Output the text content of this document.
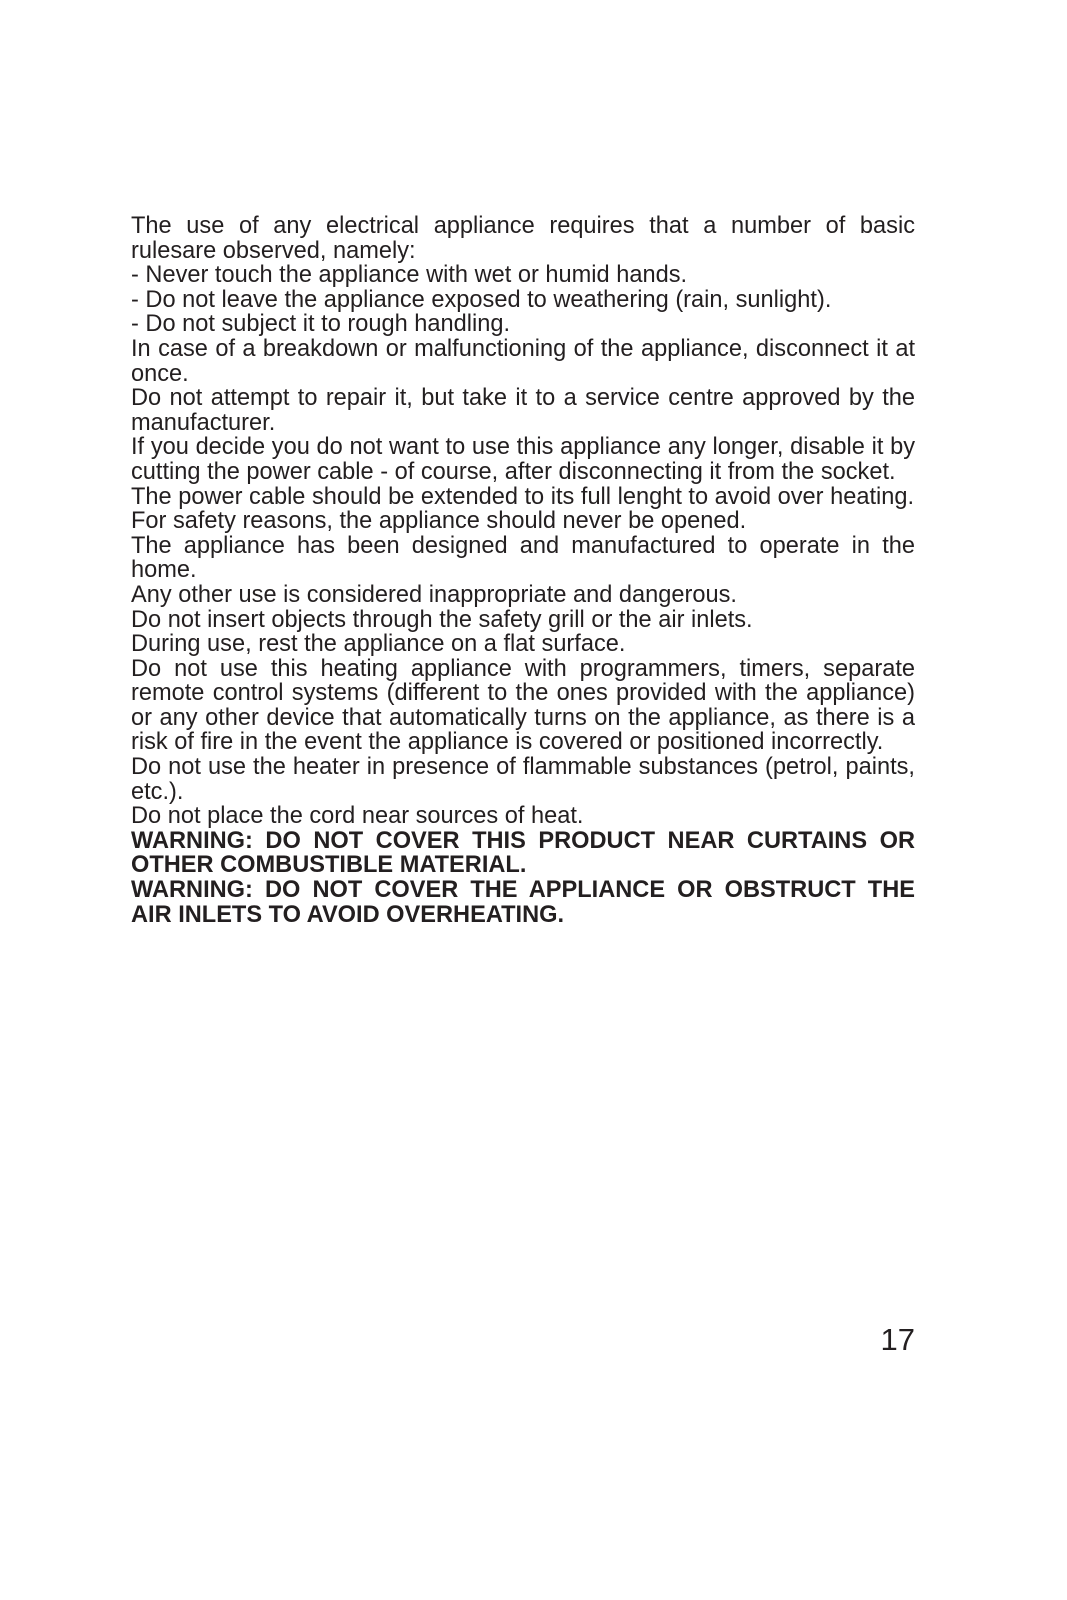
The use of any electrical appliance requires that a number of basic rulesare observed, namely:

- Never touch the appliance with wet or humid hands.

- Do not leave the appliance exposed to weathering (rain, sunlight).

- Do not subject it to rough handling.

In case of a breakdown or malfunctioning of the appliance, disconnect it at once.

Do not attempt to repair it, but take it to a service centre approved by the manufacturer.

If you decide you do not want to use this appliance any longer, disable it by cutting the power cable - of course, after disconnecting it from the socket.

The power cable should be extended to its full lenght to avoid over heating.

For safety reasons, the appliance should never be opened.

The appliance has been designed and manufactured to operate in the home.

Any other use is considered inappropriate and dangerous.

Do not insert objects through the safety grill or the air inlets.

During use, rest the appliance on a flat surface.

Do not use this heating appliance with programmers, timers, separate remote control systems (different to the ones provided with the appliance) or any other device that automatically turns on the appliance, as there is a risk of fire in the event the appliance is covered or positioned incorrectly.

Do not use the heater in presence of flammable substances (petrol, paints, etc.).

Do not place the cord near sources of heat.

WARNING: DO NOT COVER THIS PRODUCT NEAR CURTAINS OR OTHER COMBUSTIBLE MATERIAL.

WARNING: DO NOT COVER THE APPLIANCE OR OBSTRUCT THE AIR INLETS TO AVOID OVERHEATING.

17
